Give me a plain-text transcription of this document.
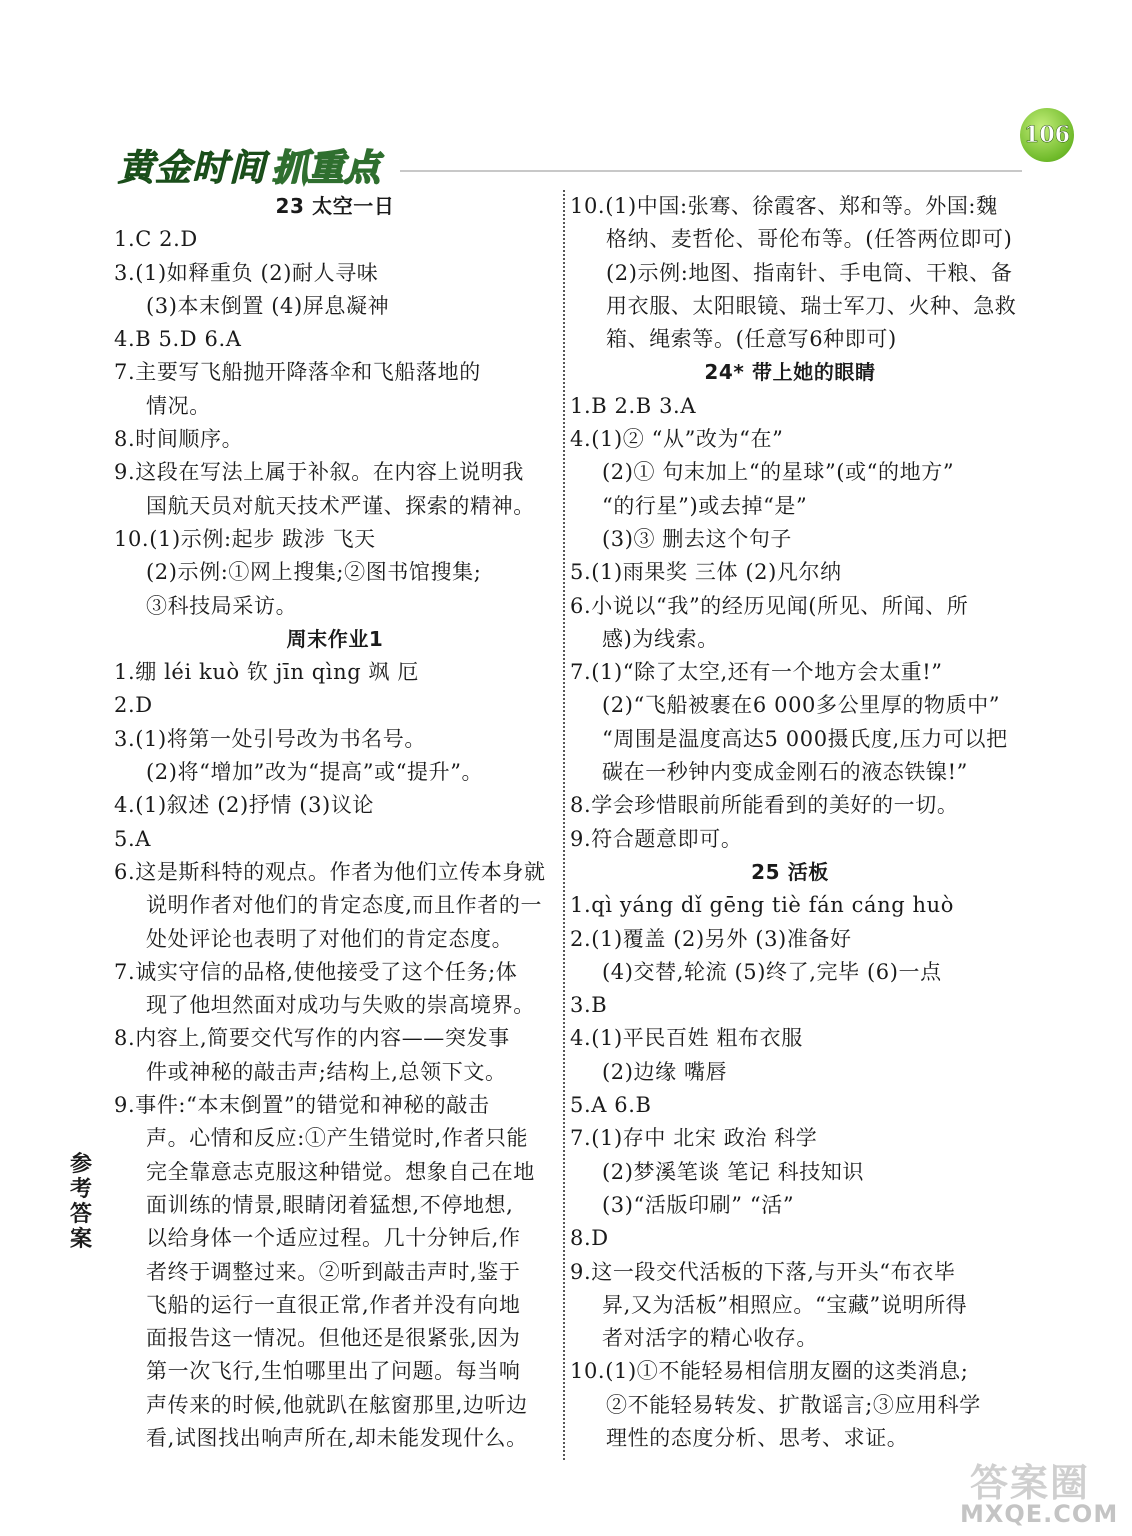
黄金时间 抓重点
106
23 太空一日
1.C 2.D
3.(1)如释重负 (2)耐人寻味
(3)本末倒置 (4)屏息凝神
4.B 5.D 6.A
7.主要写飞船抛开降落伞和飞船落地的
情况。
8.时间顺序。
9.这段在写法上属于补叙。在内容上说明我
国航天员对航天技术严谨、探索的精神。
10.(1)示例:起步 跋涉 飞天
(2)示例:①网上搜集;②图书馆搜集;
③科技局采访。
周末作业1
1.绷 léi kuò 钦 jīn qìng 飒 厄
2.D
3.(1)将第一处引号改为书名号。
(2)将“增加”改为“提高”或“提升”。
4.(1)叙述 (2)抒情 (3)议论
5.A
6.这是斯科特的观点。作者为他们立传本身就
说明作者对他们的肯定态度,而且作者的一
处处评论也表明了对他们的肯定态度。
7.诚实守信的品格,使他接受了这个任务;体
现了他坦然面对成功与失败的崇高境界。
8.内容上,简要交代写作的内容——突发事
件或神秘的敲击声;结构上,总领下文。
9.事件:“本末倒置”的错觉和神秘的敲击
声。心情和反应:①产生错觉时,作者只能
完全靠意志克服这种错觉。想象自己在地
面训练的情景,眼睛闭着猛想,不停地想,
以给身体一个适应过程。几十分钟后,作
者终于调整过来。②听到敲击声时,鉴于
飞船的运行一直很正常,作者并没有向地
面报告这一情况。但他还是很紧张,因为
第一次飞行,生怕哪里出了问题。每当响
声传来的时候,他就趴在舷窗那里,边听边
看,试图找出响声所在,却未能发现什么。
10.(1)中国:张骞、徐霞客、郑和等。外国:魏
格纳、麦哲伦、哥伦布等。(任答两位即可)
(2)示例:地图、指南针、手电筒、干粮、备
用衣服、太阳眼镜、瑞士军刀、火种、急救
箱、绳索等。(任意写6种即可)
24* 带上她的眼睛
1.B 2.B 3.A
4.(1)② “从”改为“在”
(2)① 句末加上“的星球”(或“的地方”
“的行星”)或去掉“是”
(3)③ 删去这个句子
5.(1)雨果奖 三体 (2)凡尔纳
6.小说以“我”的经历见闻(所见、所闻、所
感)为线索。
7.(1)“除了太空,还有一个地方会太重!”
(2)“飞船被裹在6 000多公里厚的物质中”
“周围是温度高达5 000摄氏度,压力可以把
碳在一秒钟内变成金刚石的液态铁镍!”
8.学会珍惜眼前所能看到的美好的一切。
9.符合题意即可。
25 活板
1.qì yáng dǐ gēng tiè fán cáng huò
2.(1)覆盖 (2)另外 (3)准备好
(4)交替,轮流 (5)终了,完毕 (6)一点
3.B
4.(1)平民百姓 粗布衣服
(2)边缘 嘴唇
5.A 6.B
7.(1)存中 北宋 政治 科学
(2)梦溪笔谈 笔记 科技知识
(3)“活版印刷” “活”
8.D
9.这一段交代活板的下落,与开头“布衣毕
昇,又为活板”相照应。“宝藏”说明所得
者对活字的精心收存。
10.(1)①不能轻易相信朋友圈的这类消息;
②不能轻易转发、扩散谣言;③应用科学
理性的态度分析、思考、求证。
参考答案
答案圈
MXQE.COM
